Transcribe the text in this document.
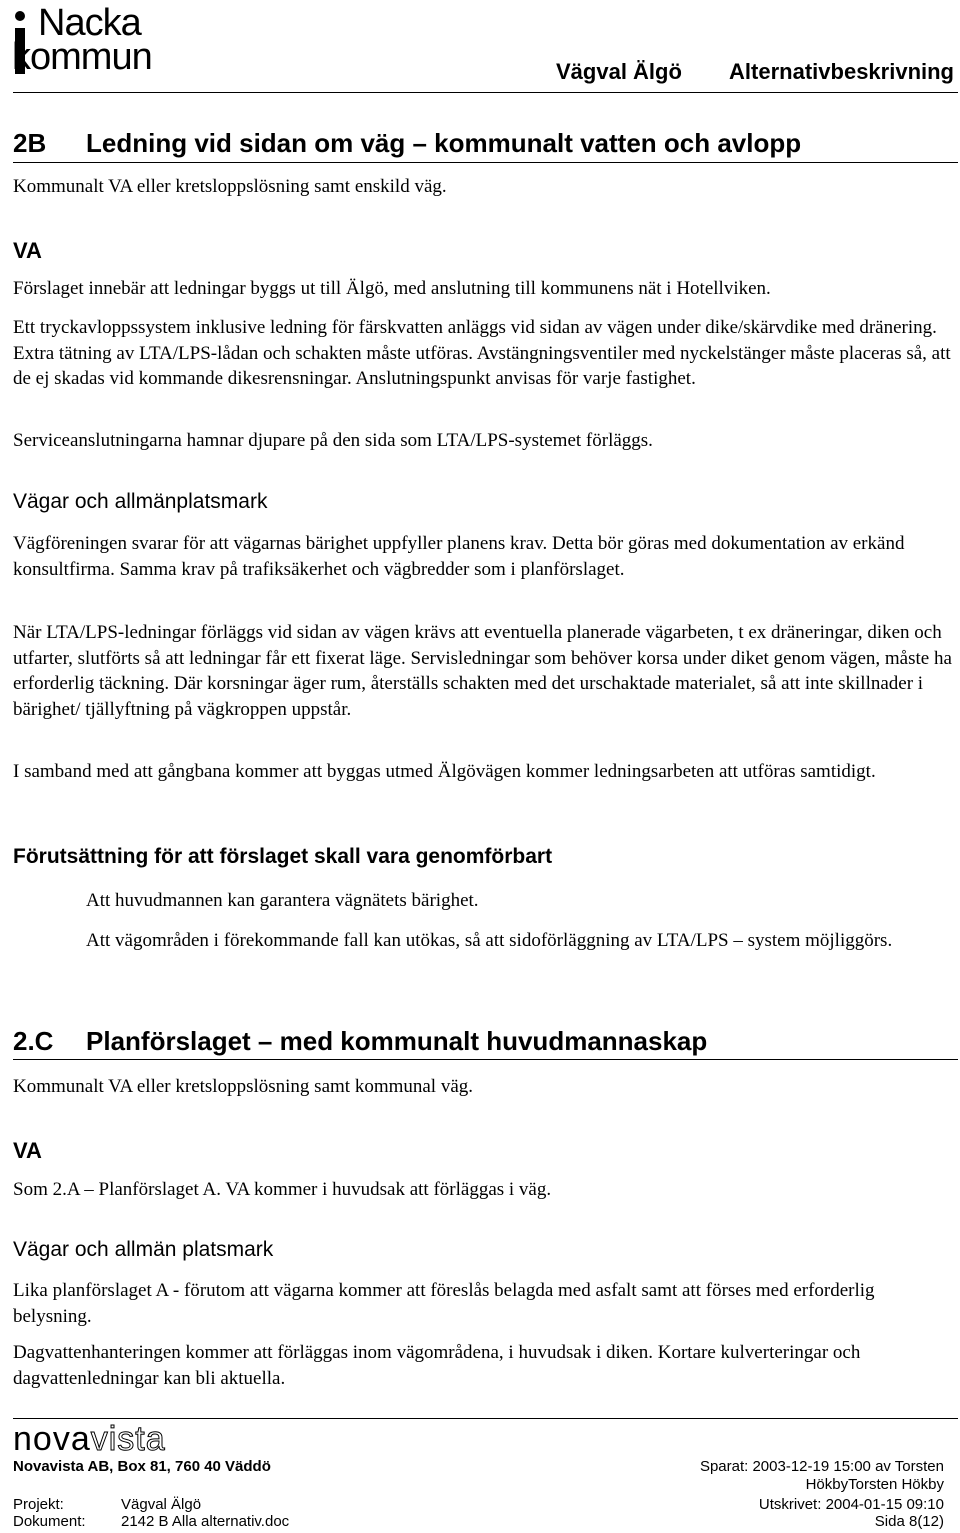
Nacka
kommun	Vägval Älgö Alternativbeskrivning
2B Ledning vid sidan om väg – kommunalt vatten och avlopp

Kommunalt VA eller kretsloppslösning samt enskild väg.

VA

Förslaget innebär att ledningar byggs ut till Älgö, med anslutning till kommunens nät i Hotellviken.

Ett tryckavloppssystem inklusive ledning för färskvatten anläggs vid sidan av vägen under dike/skärvdike med dränering. Extra tätning av LTA/LPS-lådan och schakten måste utföras. Avstängningsventiler med nyckelstänger måste placeras så, att de ej skadas vid kommande dikesrensningar. Anslutningspunkt anvisas för varje fastighet.

Serviceanslutningarna hamnar djupare på den sida som LTA/LPS-systemet förläggs.

Vägar och allmänplatsmark

Vägföreningen svarar för att vägarnas bärighet uppfyller planens krav. Detta bör göras med dokumentation av erkänd konsultfirma. Samma krav på trafiksäkerhet och vägbredder som i planförslaget.

När LTA/LPS-ledningar förläggs vid sidan av vägen krävs att eventuella planerade vägarbeten, t ex dräneringar, diken och utfarter, slutförts så att ledningar får ett fixerat läge. Servisledningar som behöver korsa under diket genom vägen, måste ha erforderlig täckning. Där korsningar äger rum, återställs schakten med det urschaktade materialet, så att inte skillnader i bärighet/ tjällyftning på vägkroppen uppstår.

I samband med att gångbana kommer att byggas utmed Älgövägen kommer ledningsarbeten att utföras samtidigt.

Förutsättning för att förslaget skall vara genomförbart

Att huvudmannen kan garantera vägnätets bärighet.

Att vägområden i förekommande fall kan utökas, så att sidoförläggning av LTA/LPS – system möjliggörs.

2.C Planförslaget – med kommunalt huvudmannaskap

Kommunalt VA eller kretsloppslösning samt kommunal väg.

VA

Som 2.A – Planförslaget A. VA kommer i huvudsak att förläggas i väg.

Vägar och allmän platsmark

Lika planförslaget A - förutom att vägarna kommer att föreslås belagda med asfalt samt att förses med erforderlig belysning.

Dagvattenhanteringen kommer att förläggas inom vägområdena, i huvudsak i diken. Kortare kulverteringar och dagvattenledningar kan bli aktuella.

novavista
Novavista AB, Box 81, 760 40 Väddö	Sparat: 2003-12-19 15:00 av Torsten
HökbyTorsten Hökby
Projekt:	Vägval Älgö	Utskrivet: 2004-01-15 09:10
Dokument: 2142 B Alla alternativ.doc	Sida 8(12)
